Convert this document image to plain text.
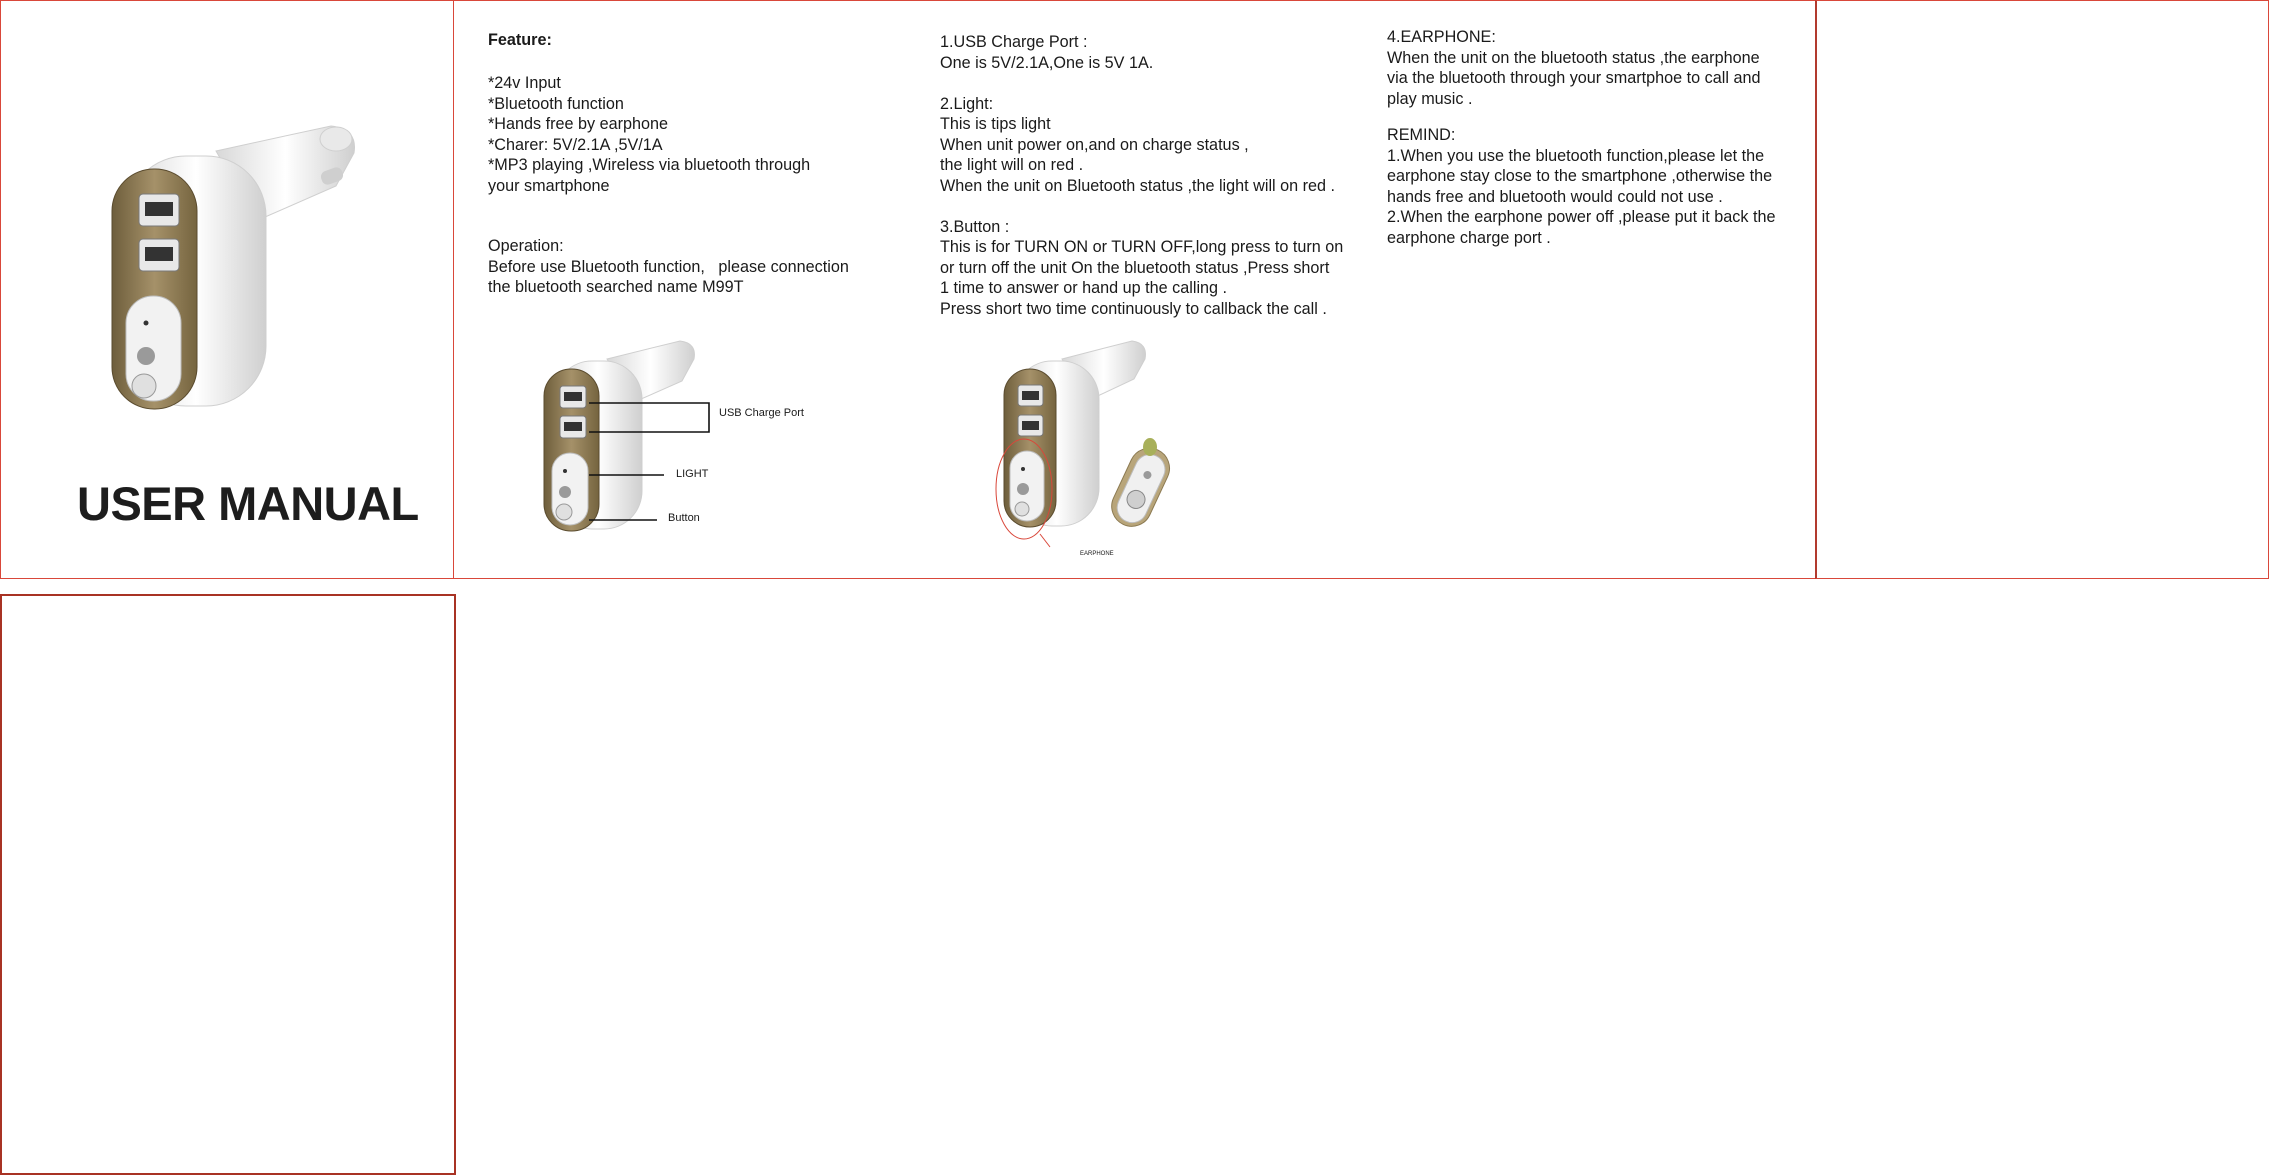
USER MANUAL
Feature:
*24v Input
*Bluetooth function
*Hands free by earphone
*Charer: 5V/2.1A ,5V/1A
*MP3 playing ,Wireless via bluetooth through
your smartphone
Operation:
Before use Bluetooth function,   please connection
the bluetooth searched name M99T
USB Charge Port
LIGHT
Button
1.USB Charge Port :
One is 5V/2.1A,One is 5V 1A.
2.Light:
This is tips light
When unit power on,and on charge status ,
the light will on red .
When the unit on Bluetooth status ,the light will on red .
3.Button :
This is for TURN ON or TURN OFF,long press to turn on
or turn off the unit On the bluetooth status ,Press short
1 time to answer or hand up the calling .
Press short two time continuously to callback the call .
EARPHONE
4.EARPHONE:
When the unit on the bluetooth status ,the earphone
via the bluetooth through your smartphoe to call and
play music .
REMIND:
1.When you use the bluetooth function,please let the
earphone stay close to the smartphone ,otherwise the
hands free and bluetooth would could not use .
2.When the earphone power off ,please put it back the
earphone charge port .
